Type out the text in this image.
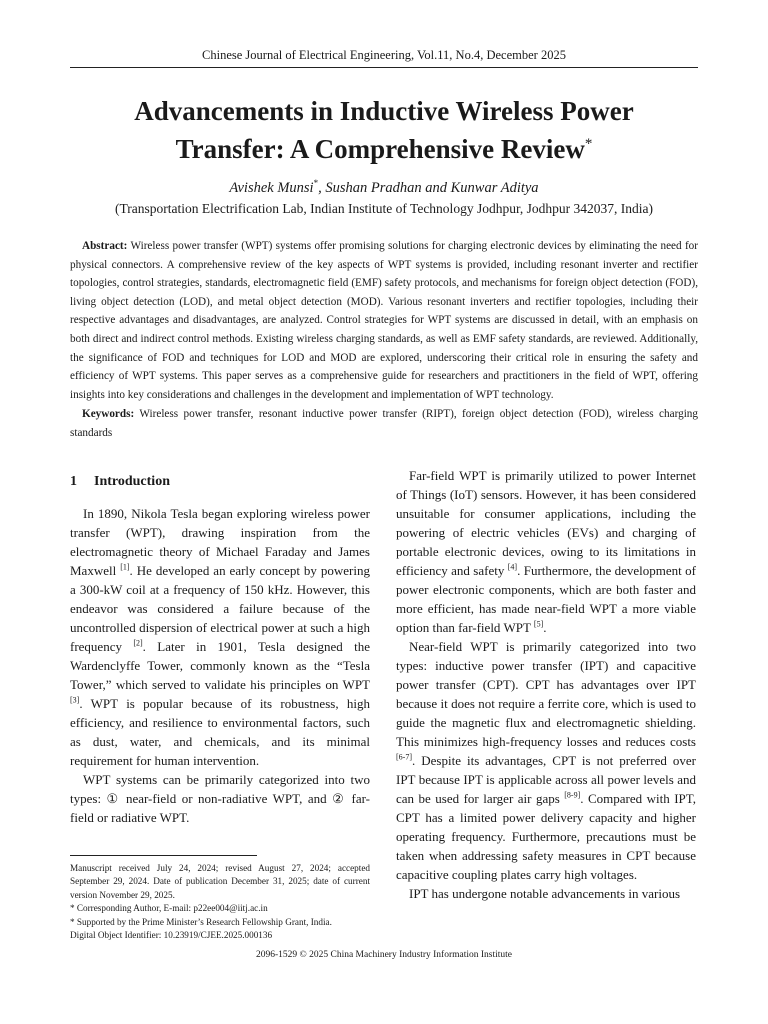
Chinese Journal of Electrical Engineering, Vol.11, No.4, December 2025
Advancements in Inductive Wireless Power
Transfer: A Comprehensive Review*
Avishek Munsi*, Sushan Pradhan and Kunwar Aditya
(Transportation Electrification Lab, Indian Institute of Technology Jodhpur, Jodhpur 342037, India)

Abstract: Wireless power transfer (WPT) systems offer promising solutions for charging electronic devices by eliminating the need for physical connectors. A comprehensive review of the key aspects of WPT systems is provided, including resonant inverter and rectifier topologies, control strategies, standards, electromagnetic field (EMF) safety protocols, and mechanisms for foreign object detection (FOD), living object detection (LOD), and metal object detection (MOD). Various resonant inverters and rectifier topologies, including their respective advantages and disadvantages, are analyzed. Control strategies for WPT systems are discussed in detail, with an emphasis on both direct and indirect control methods. Existing wireless charging standards, as well as EMF safety standards, are reviewed. Additionally, the significance of FOD and techniques for LOD and MOD are explored, underscoring their critical role in ensuring the safety and efficiency of WPT systems. This paper serves as a comprehensive guide for researchers and practitioners in the field of WPT, offering insights into key considerations and challenges in the development and implementation of WPT technology.

Keywords: Wireless power transfer, resonant inductive power transfer (RIPT), foreign object detection (FOD), wireless charging standards

1 Introduction

In 1890, Nikola Tesla began exploring wireless power transfer (WPT), drawing inspiration from the electromagnetic theory of Michael Faraday and James Maxwell [1]. He developed an early concept by powering a 300-kW coil at a frequency of 150 kHz. However, this endeavor was considered a failure because of the uncontrolled dispersion of electrical power at such a high frequency [2]. Later in 1901, Tesla designed the Wardenclyffe Tower, commonly known as the “Tesla Tower,” which served to validate his principles on WPT [3]. WPT is popular because of its robustness, high efficiency, and resilience to environmental factors, such as dust, water, and chemicals, and its minimal requirement for human intervention.

WPT systems can be primarily categorized into two types: ① near-field or non-radiative WPT, and ② far-field or radiative WPT.

Far-field WPT is primarily utilized to power Internet of Things (IoT) sensors. However, it has been considered unsuitable for consumer applications, including the powering of electric vehicles (EVs) and charging of portable electronic devices, owing to its limitations in efficiency and safety [4]. Furthermore, the development of power electronic components, which are both faster and more efficient, has made near-field WPT a more viable option than far-field WPT [5].

Near-field WPT is primarily categorized into two types: inductive power transfer (IPT) and capacitive power transfer (CPT). CPT has advantages over IPT because it does not require a ferrite core, which is used to guide the magnetic flux and electromagnetic shielding. This minimizes high-frequency losses and reduces costs [6-7]. Despite its advantages, CPT is not preferred over IPT because IPT is applicable across all power levels and can be used for larger air gaps [8-9]. Compared with IPT, CPT has a limited power delivery capacity and higher operating frequency. Furthermore, precautions must be taken when addressing safety measures in CPT because capacitive coupling plates carry high voltages.

IPT has undergone notable advancements in various

Manuscript received July 24, 2024; revised August 27, 2024; accepted September 29, 2024. Date of publication December 31, 2025; date of current version November 29, 2025.
* Corresponding Author, E-mail: p22ee004@iitj.ac.in
* Supported by the Prime Minister’s Research Fellowship Grant, India.
Digital Object Identifier: 10.23919/CJEE.2025.000136
2096-1529 © 2025 China Machinery Industry Information Institute
